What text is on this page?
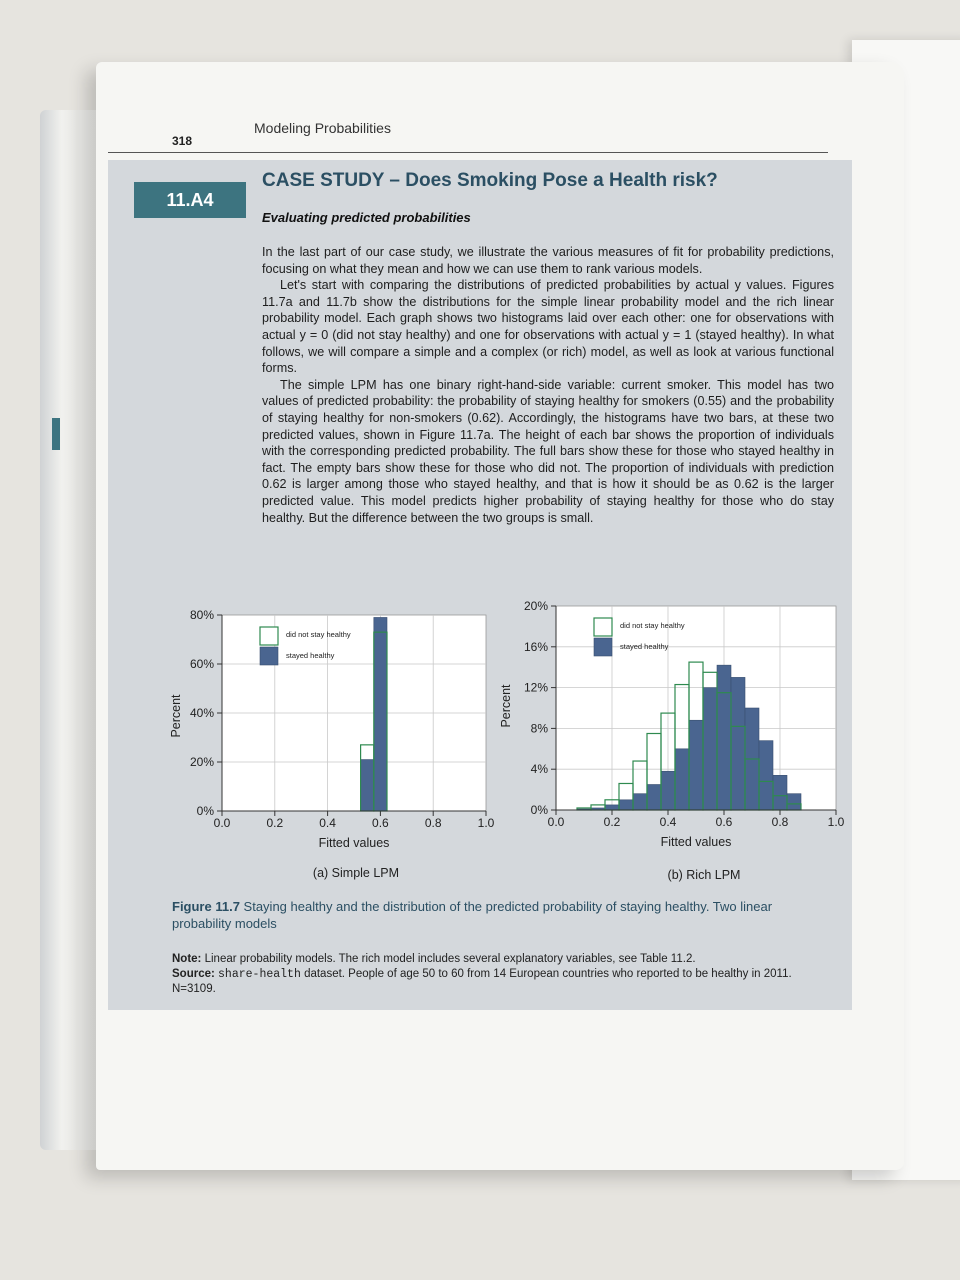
318
Modeling Probabilities
11.A4
CASE STUDY – Does Smoking Pose a Health risk?
Evaluating predicted probabilities

In the last part of our case study, we illustrate the various measures of fit for probability predictions, focusing on what they mean and how we can use them to rank various models.

Let's start with comparing the distributions of predicted probabilities by actual y values. Figures 11.7a and 11.7b show the distributions for the simple linear probability model and the rich linear probability model. Each graph shows two histograms laid over each other: one for observations with actual y = 0 (did not stay healthy) and one for observations with actual y = 1 (stayed healthy). In what follows, we will compare a simple and a complex (or rich) model, as well as look at various functional forms.

The simple LPM has one binary right-hand-side variable: current smoker. This model has two values of predicted probability: the probability of staying healthy for smokers (0.55) and the probability of staying healthy for non-smokers (0.62). Accordingly, the histograms have two bars, at these two predicted values, shown in Figure 11.7a. The height of each bar shows the proportion of individuals with the corresponding predicted probability. The full bars show these for those who stayed healthy in fact. The empty bars show these for those who did not. The proportion of individuals with prediction 0.62 is larger among those who stayed healthy, and that is how it should be as 0.62 is the larger predicted value. This model predicts higher probability of staying healthy for those who do stay healthy. But the difference between the two groups is small.

0%
20%
40%
60%
80%
0.0	0.2	0.4	0.6	0.8	1.0
did not stay healthy
stayed healthy
Fitted values
Percent
(a) Simple LPM
0%
4%
8%
12%
16%
20%
0.0	0.2	0.4	0.6	0.8	1.0
did not stay healthy
stayed healthy
Fitted values
Percent
(b) Rich LPM
Figure 11.7 Staying healthy and the distribution of the predicted probability of staying healthy. Two linear probability models
Note: Linear probability models. The rich model includes several explanatory variables, see Table 11.2.
Source: share-health dataset. People of age 50 to 60 from 14 European countries who reported to be healthy in 2011. N=3109.
